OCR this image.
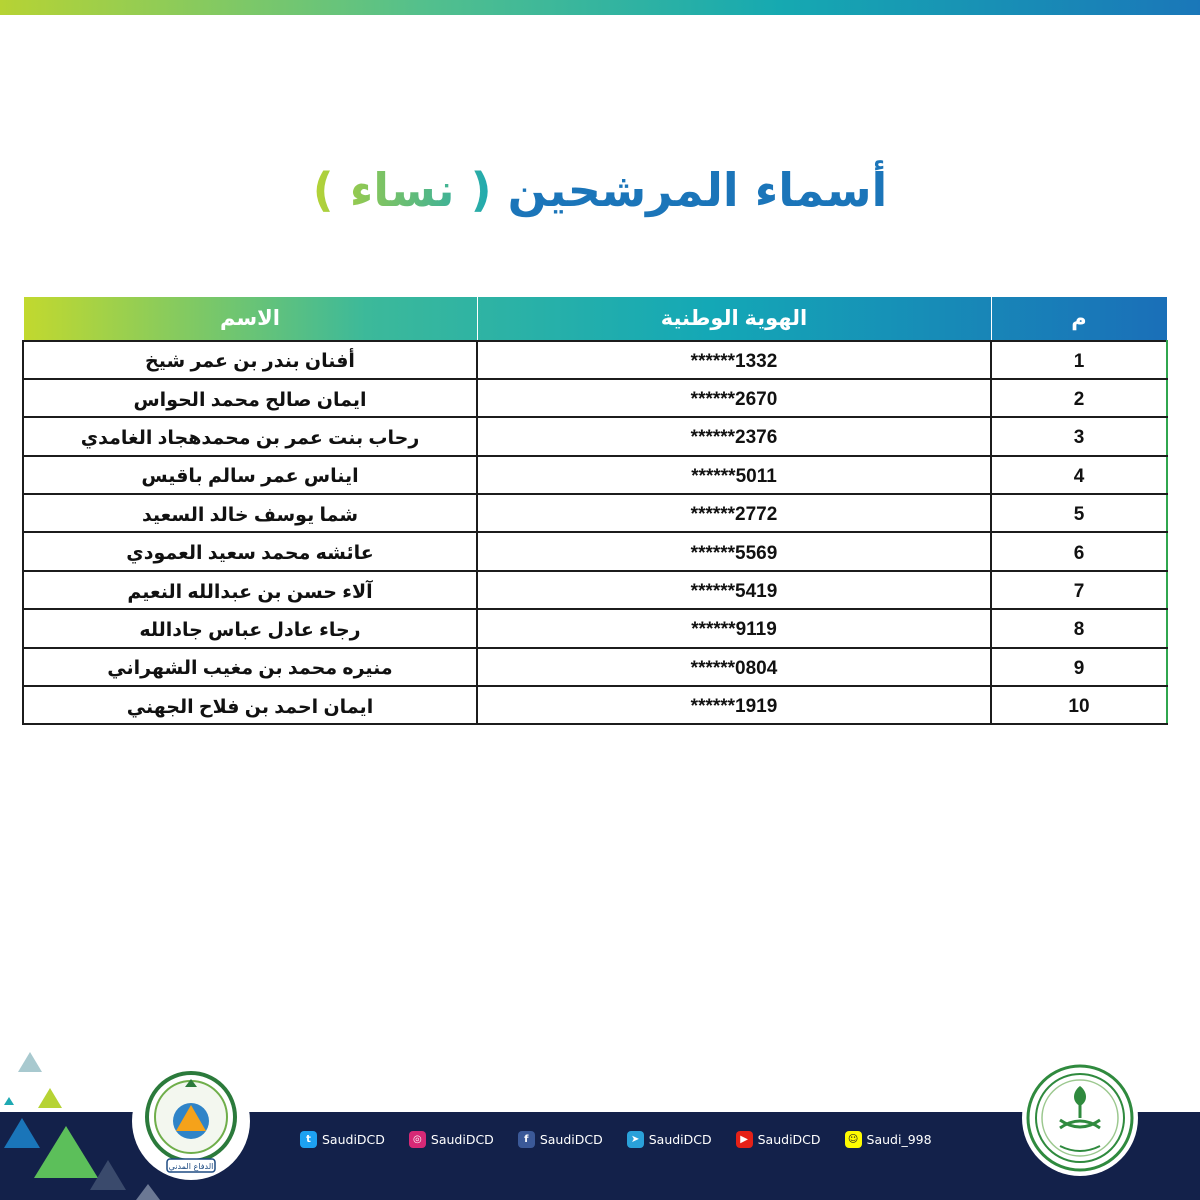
أسماء المرشحين ( نساء )
م	الهوية الوطنية	الاسم
1	******1332	أفنان بندر بن عمر شيخ
2	******2670	ايمان صالح محمد الحواس
3	******2376	رحاب بنت عمر بن محمدهجاد الغامدي
4	******5011	ايناس عمر سالم باقيس
5	******2772	شما يوسف خالد السعيد
6	******5569	عائشه محمد سعيد العمودي
7	******5419	آلاء حسن بن عبدالله النعيم
8	******9119	رجاء عادل عباس جادالله
9	******0804	منيره محمد بن مغيب الشهراني
10	******1919	ايمان احمد بن فلاح الجهني
الدفاع المدني
t SaudiDCD	◎ SaudiDCD	f SaudiDCD	➤ SaudiDCD	▶ SaudiDCD	☺ Saudi_998
